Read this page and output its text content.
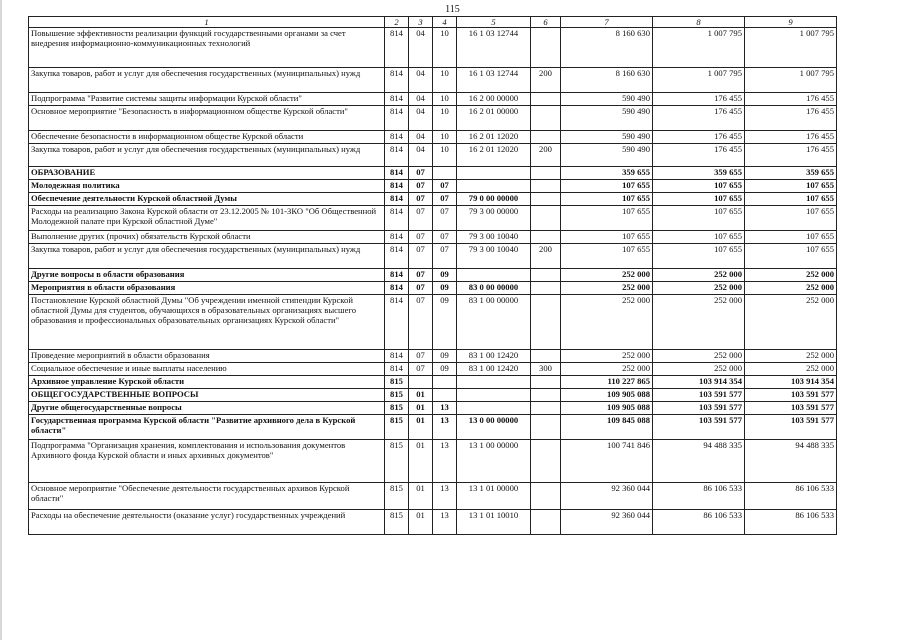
115
1	2	3	4	5	6	7	8	9
Повышение эффективности реализации функций государственными органами за счет внедрения информационно-коммуникационных технологий	814	04	10	16 1 03 12744		8 160 630	1 007 795	1 007 795
Закупка товаров, работ и услуг для обеспечения государственных (муниципальных) нужд	814	04	10	16 1 03 12744	200	8 160 630	1 007 795	1 007 795
Подпрограмма "Развитие системы защиты информации Курской области"	814	04	10	16 2 00 00000		590 490	176 455	176 455
Основное мероприятие "Безопасность в информационном обществе Курской области"	814	04	10	16 2 01 00000		590 490	176 455	176 455
Обеспечение безопасности в информационном обществе Курской области	814	04	10	16 2 01 12020		590 490	176 455	176 455
Закупка товаров, работ и услуг для обеспечения государственных (муниципальных) нужд	814	04	10	16 2 01 12020	200	590 490	176 455	176 455
ОБРАЗОВАНИЕ	814	07				359 655	359 655	359 655
Молодежная политика	814	07	07			107 655	107 655	107 655
Обеспечение деятельности Курской областной Думы	814	07	07	79 0 00 00000		107 655	107 655	107 655
Расходы на реализацию Закона Курской области от 23.12.2005 № 101-ЗКО "Об Общественной Молодежной палате при Курской областной Думе"	814	07	07	79 3 00 00000		107 655	107 655	107 655
Выполнение других (прочих) обязательств Курской области	814	07	07	79 3 00 10040		107 655	107 655	107 655
Закупка товаров, работ и услуг для обеспечения государственных (муниципальных) нужд	814	07	07	79 3 00 10040	200	107 655	107 655	107 655
Другие вопросы в области образования	814	07	09			252 000	252 000	252 000
Мероприятия в области образования	814	07	09	83 0 00 00000		252 000	252 000	252 000
Постановление Курской областной Думы "Об учреждении именной стипендии Курской областной Думы для студентов, обучающихся в образовательных организациях высшего образования и профессиональных образовательных организациях Курской области"	814	07	09	83 1 00 00000		252 000	252 000	252 000
Проведение мероприятий в области образования	814	07	09	83 1 00 12420		252 000	252 000	252 000
Социальное обеспечение и иные выплаты населению	814	07	09	83 1 00 12420	300	252 000	252 000	252 000
Архивное управление Курской области	815					110 227 865	103 914 354	103 914 354
ОБЩЕГОСУДАРСТВЕННЫЕ ВОПРОСЫ	815	01				109 905 088	103 591 577	103 591 577
Другие общегосударственные вопросы	815	01	13			109 905 088	103 591 577	103 591 577
Государственная программа Курской области "Развитие архивного дела в Курской области"	815	01	13	13 0 00 00000		109 845 088	103 591 577	103 591 577
Подпрограмма "Организация хранения, комплектования и использования документов Архивного фонда Курской области и иных архивных документов"	815	01	13	13 1 00 00000		100 741 846	94 488 335	94 488 335
Основное мероприятие "Обеспечение деятельности государственных архивов Курской области"	815	01	13	13 1 01 00000		92 360 044	86 106 533	86 106 533
Расходы на обеспечение деятельности (оказание услуг) государственных учреждений	815	01	13	13 1 01 10010		92 360 044	86 106 533	86 106 533
